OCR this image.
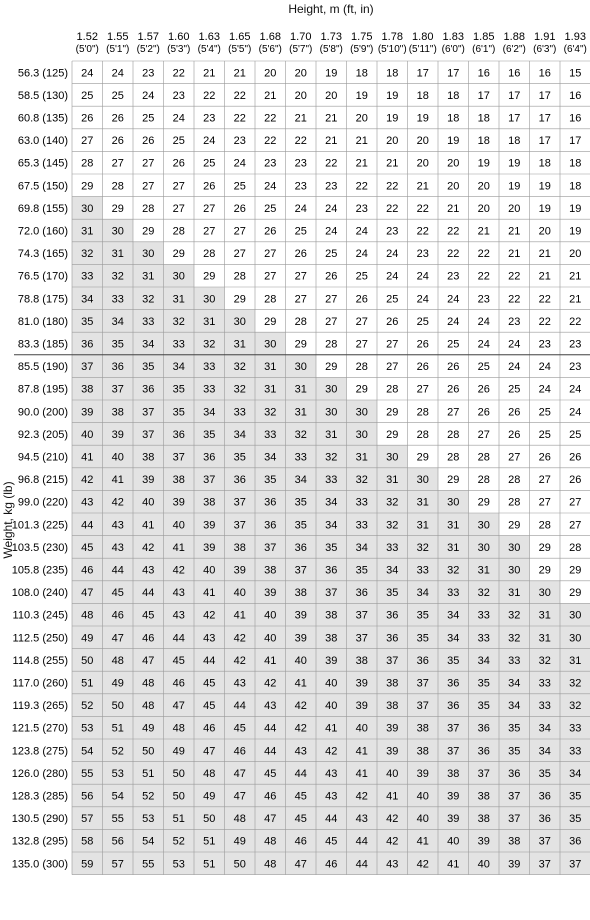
Height, m (ft, in)
Weight, kg (lb)
1.52
(5'0")
1.55
(5'1")
1.57
(5'2")
1.60
(5'3")
1.63
(5'4")
1.65
(5'5")
1.68
(5'6")
1.70
(5'7")
1.73
(5'8")
1.75
(5'9")
1.78
(5'10")
1.80
(5'11")
1.83
(6'0")
1.85
(6'1")
1.88
(6'2")
1.91
(6'3")
1.93
(6'4")
56.3 (125)
58.5 (130)
60.8 (135)
63.0 (140)
65.3 (145)
67.5 (150)
69.8 (155)
72.0 (160)
74.3 (165)
76.5 (170)
78.8 (175)
81.0 (180)
83.3 (185)
85.5 (190)
87.8 (195)
90.0 (200)
92.3 (205)
94.5 (210)
96.8 (215)
99.0 (220)
101.3 (225)
103.5 (230)
105.8 (235)
108.0 (240)
110.3 (245)
112.5 (250)
114.8 (255)
117.0 (260)
119.3 (265)
121.5 (270)
123.8 (275)
126.0 (280)
128.3 (285)
130.5 (290)
132.8 (295)
135.0 (300)
24 24 23 22 21 21 20 20 19 18 18 17 17 16 16 16 15
25 25 24 23 22 22 21 20 20 19 19 18 18 17 17 17 16
26 26 25 24 23 22 22 21 21 20 19 19 18 18 17 17 16
27 26 26 25 24 23 22 22 21 21 20 20 19 18 18 17 17
28 27 27 26 25 24 23 23 22 21 21 20 20 19 19 18 18
29 28 27 27 26 25 24 23 23 22 22 21 20 20 19 19 18
30 29 28 27 27 26 25 24 24 23 22 22 21 20 20 19 19
31 30 29 28 27 27 26 25 24 24 23 22 22 21 21 20 19
32 31 30 29 28 27 27 26 25 24 24 23 22 22 21 21 20
33 32 31 30 29 28 27 27 26 25 24 24 23 22 22 21 21
34 33 32 31 30 29 28 27 27 26 25 24 24 23 22 22 21
35 34 33 32 31 30 29 28 27 27 26 25 24 24 23 22 22
36 35 34 33 32 31 30 29 28 27 27 26 25 24 24 23 23
37 36 35 34 33 32 31 30 29 28 27 26 26 25 24 24 23
38 37 36 35 33 32 31 31 30 29 28 27 26 26 25 24 24
39 38 37 35 34 33 32 31 30 30 29 28 27 26 26 25 24
40 39 37 36 35 34 33 32 31 30 29 28 28 27 26 25 25
41 40 38 37 36 35 34 33 32 31 30 29 28 28 27 26 26
42 41 39 38 37 36 35 34 33 32 31 30 29 28 28 27 26
43 42 40 39 38 37 36 35 34 33 32 31 30 29 28 27 27
44 43 41 40 39 37 36 35 34 33 32 31 31 30 29 28 27
45 43 42 41 39 38 37 36 35 34 33 32 31 30 30 29 28
46 44 43 42 40 39 38 37 36 35 34 33 32 31 30 29 29
47 45 44 43 41 40 39 38 37 36 35 34 33 32 31 30 29
48 46 45 43 42 41 40 39 38 37 36 35 34 33 32 31 30
49 47 46 44 43 42 40 39 38 37 36 35 34 33 32 31 30
50 48 47 45 44 42 41 40 39 38 37 36 35 34 33 32 31
51 49 48 46 45 43 42 41 40 39 38 37 36 35 34 33 32
52 50 48 47 45 44 43 42 40 39 38 37 36 35 34 33 32
53 51 49 48 46 45 44 42 41 40 39 38 37 36 35 34 33
54 52 50 49 47 46 44 43 42 41 39 38 37 36 35 34 33
55 53 51 50 48 47 45 44 43 41 40 39 38 37 36 35 34
56 54 52 50 49 47 46 45 43 42 41 40 39 38 37 36 35
57 55 53 51 50 48 47 45 44 43 42 40 39 38 37 36 35
58 56 54 52 51 49 48 46 45 44 42 41 40 39 38 37 36
59 57 55 53 51 50 48 47 46 44 43 42 41 40 39 37 37
